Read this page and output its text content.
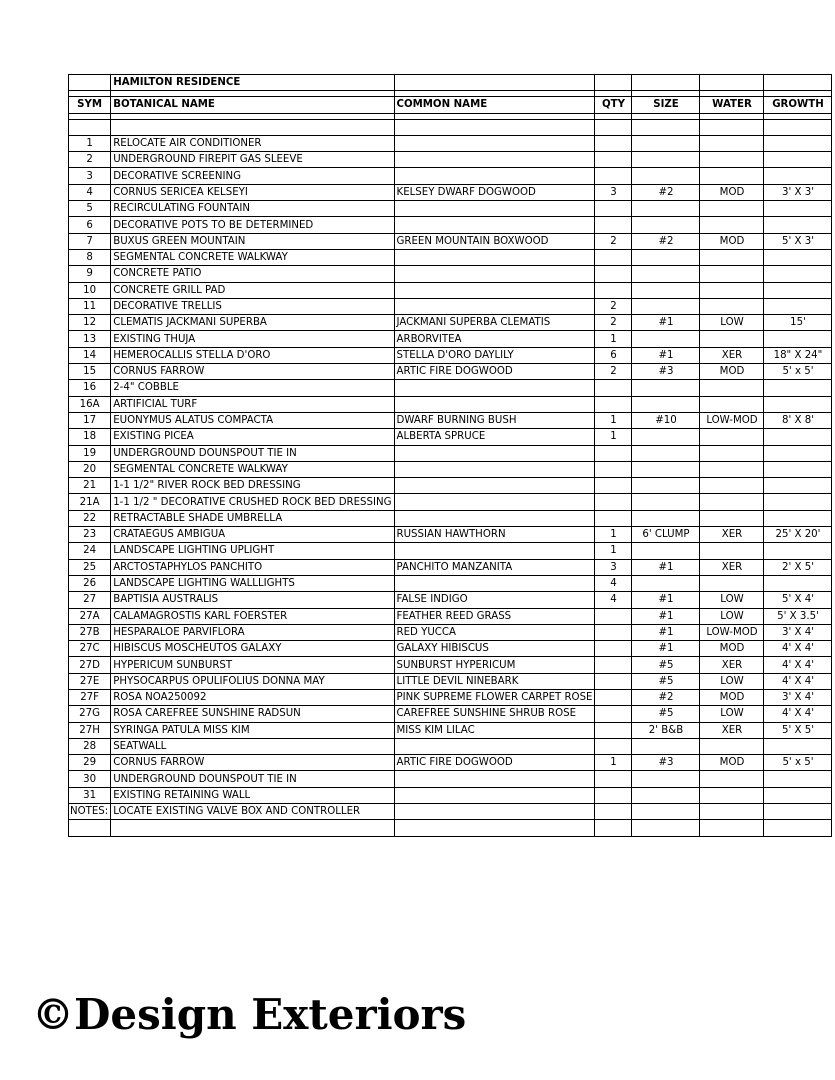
	HAMILTON RESIDENCE					

SYM	BOTANICAL NAME	COMMON NAME	QTY	SIZE	WATER	GROWTH

1	RELOCATE AIR CONDITIONER					
2	UNDERGROUND FIREPIT GAS SLEEVE					
3	DECORATIVE SCREENING					
4	CORNUS SERICEA KELSEYI	KELSEY DWARF DOGWOOD	3	#2	MOD	3' X 3'
5	RECIRCULATING FOUNTAIN					
6	DECORATIVE POTS TO BE DETERMINED					
7	BUXUS GREEN MOUNTAIN	GREEN MOUNTAIN BOXWOOD	2	#2	MOD	5' X 3'
8	SEGMENTAL CONCRETE WALKWAY					
9	CONCRETE PATIO					
10	CONCRETE GRILL PAD					
11	DECORATIVE TRELLIS		2			
12	CLEMATIS JACKMANI SUPERBA	JACKMANI SUPERBA CLEMATIS	2	#1	LOW	15'
13	EXISTING THUJA	ARBORVITEA	1			
14	HEMEROCALLIS STELLA D'ORO	STELLA D'ORO DAYLILY	6	#1	XER	18" X 24"
15	CORNUS FARROW	ARTIC FIRE DOGWOOD	2	#3	MOD	5' x 5'
16	2-4" COBBLE					
16A	ARTIFICIAL TURF					
17	EUONYMUS ALATUS COMPACTA	DWARF BURNING BUSH	1	#10	LOW-MOD	8' X 8'
18	EXISTING PICEA	ALBERTA SPRUCE	1			
19	UNDERGROUND DOUNSPOUT TIE IN					
20	SEGMENTAL CONCRETE WALKWAY					
21	1-1 1/2" RIVER ROCK BED DRESSING					
21A	1-1 1/2 " DECORATIVE CRUSHED ROCK BED DRESSING					
22	RETRACTABLE SHADE UMBRELLA					
23	CRATAEGUS AMBIGUA	RUSSIAN HAWTHORN	1	6' CLUMP	XER	25' X 20'
24	LANDSCAPE LIGHTING UPLIGHT		1			
25	ARCTOSTAPHYLOS PANCHITO	PANCHITO MANZANITA	3	#1	XER	2' X 5'
26	LANDSCAPE LIGHTING WALLLIGHTS		4			
27	BAPTISIA AUSTRALIS	FALSE INDIGO	4	#1	LOW	5' X 4'
27A	CALAMAGROSTIS KARL FOERSTER	FEATHER REED GRASS		#1	LOW	5' X 3.5'
27B	HESPARALOE PARVIFLORA	RED YUCCA		#1	LOW-MOD	3' X 4'
27C	HIBISCUS MOSCHEUTOS GALAXY	GALAXY HIBISCUS		#1	MOD	4' X 4'
27D	HYPERICUM SUNBURST	SUNBURST HYPERICUM		#5	XER	4' X 4'
27E	PHYSOCARPUS OPULIFOLIUS DONNA MAY	LITTLE DEVIL NINEBARK		#5	LOW	4' X 4'
27F	ROSA NOA250092	PINK SUPREME FLOWER CARPET ROSE		#2	MOD	3' X 4'
27G	ROSA CAREFREE SUNSHINE RADSUN	CAREFREE SUNSHINE SHRUB ROSE		#5	LOW	4' X 4'
27H	SYRINGA PATULA MISS KIM	MISS KIM LILAC		2' B&B	XER	5' X 5'
28	SEATWALL					
29	CORNUS FARROW	ARTIC FIRE DOGWOOD	1	#3	MOD	5' x 5'
30	UNDERGROUND DOUNSPOUT TIE IN					
31	EXISTING RETAINING WALL					
NOTES:	LOCATE EXISTING VALVE BOX AND CONTROLLER					

©Design Exteriors
